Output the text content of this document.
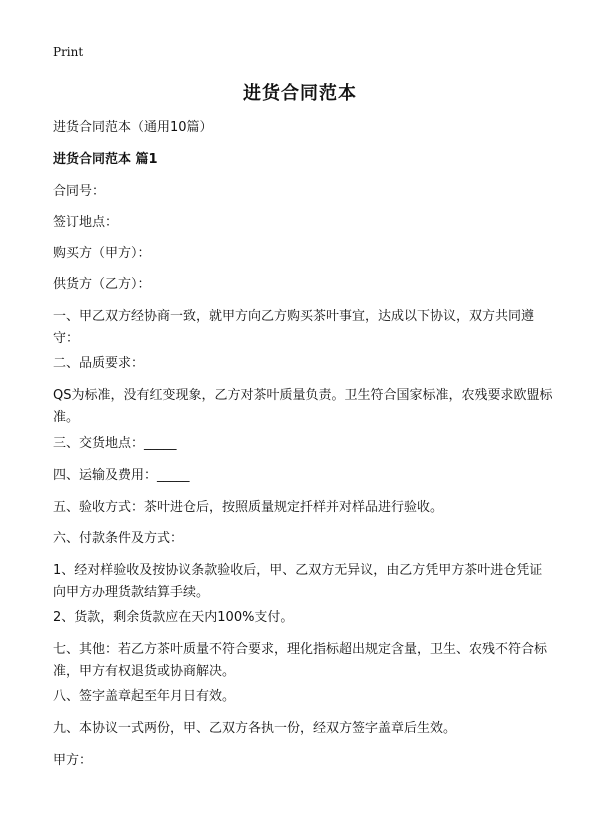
Print
进货合同范本
进货合同范本（通用10篇）
进货合同范本 篇1
合同号：
签订地点：
购买方（甲方）：
供货方（乙方）：
一、甲乙双方经协商一致，就甲方向乙方购买茶叶事宜，达成以下协议，双方共同遵守：
二、品质要求：
QS为标准，没有红变现象，乙方对茶叶质量负责。卫生符合国家标准，农残要求欧盟标准。
三、交货地点：_____
四、运输及费用：_____
五、验收方式：茶叶进仓后，按照质量规定扦样并对样品进行验收。
六、付款条件及方式：
1、经对样验收及按协议条款验收后，甲、乙双方无异议，由乙方凭甲方茶叶进仓凭证向甲方办理货款结算手续。
2、货款，剩余货款应在天内100%支付。
七、其他：若乙方茶叶质量不符合要求，理化指标超出规定含量，卫生、农残不符合标准，甲方有权退货或协商解决。
八、签字盖章起至年月日有效。
九、本协议一式两份，甲、乙双方各执一份，经双方签字盖章后生效。
甲方：
